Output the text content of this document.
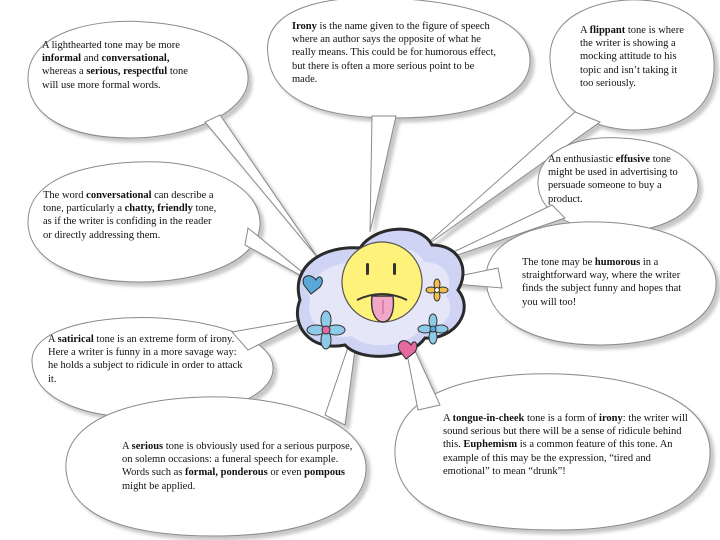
A lighthearted tone may be more informal and conversational, whereas a serious, respectful tone will use more formal words.
Irony is the name given to the figure of speech where an author says the opposite of what he really means. This could be for humorous effect, but there is often a more serious point to be made.
A flippant tone is where the writer is showing a mocking attitude to his topic and isn’t taking it too seriously.
An enthusiastic effusive tone might be used in advertising to persuade someone to buy a product.
The word conversational can describe a tone, particularly a chatty, friendly tone, as if the writer is confiding in the reader or directly addressing them.
The tone may be humorous in a straightforward way, where the writer finds the subject funny and hopes that you will too!
A satirical tone is an extreme form of irony. Here a writer is funny in a more savage way: he holds a subject to ridicule in order to attack it.
A serious tone is obviously used for a serious purpose, on solemn occasions: a funeral speech for example. Words such as formal, ponderous or even pompous might be applied.
A tongue-in-cheek tone is a form of irony: the writer will sound serious but there will be a sense of ridicule behind this. Euphemism is a common feature of this tone. An example of this may be the expression, “tired and emotional” to mean “drunk”!
